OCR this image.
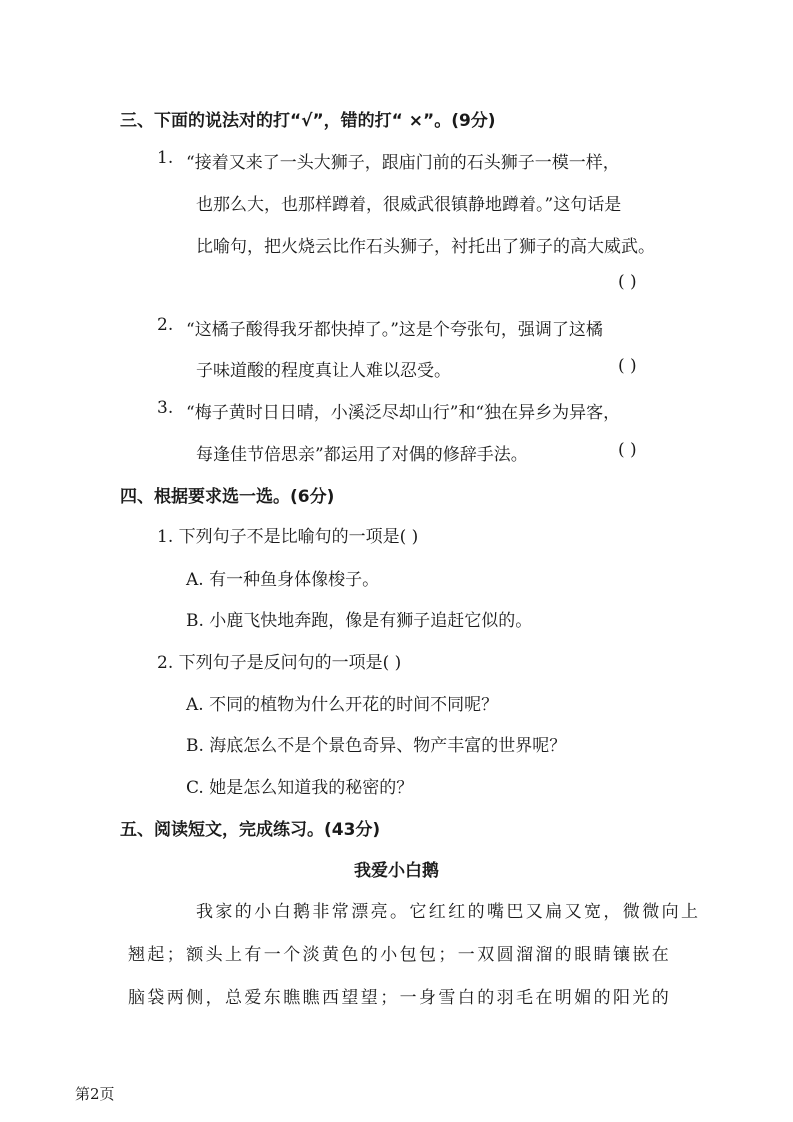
三、下面的说法对的打“√”，错的打“ ×”。(9分)
1. “接着又来了一头大狮子，跟庙门前的石头狮子一模一样，
也那么大，也那样蹲着，很威武很镇静地蹲着。”这句话是
比喻句，把火烧云比作石头狮子，衬托出了狮子的高大威武。
( )
2. “这橘子酸得我牙都快掉了。”这是个夸张句，强调了这橘
子味道酸的程度真让人难以忍受。	( )
3. “梅子黄时日日晴，小溪泛尽却山行”和“独在异乡为异客，
每逢佳节倍思亲”都运用了对偶的修辞手法。	( )
四、根据要求选一选。(6分)
1. 下列句子不是比喻句的一项是( )
A. 有一种鱼身体像梭子。
B. 小鹿飞快地奔跑，像是有狮子追赶它似的。
2. 下列句子是反问句的一项是( )
A. 不同的植物为什么开花的时间不同呢？
B. 海底怎么不是个景色奇异、物产丰富的世界呢？
C. 她是怎么知道我的秘密的？
五、阅读短文，完成练习。(43分)
我爱小白鹅
我家的小白鹅非常漂亮。它红红的嘴巴又扁又宽，微微向上
翘起；额头上有一个淡黄色的小包包；一双圆溜溜的眼睛镶嵌在
脑袋两侧，总爱东瞧瞧西望望；一身雪白的羽毛在明媚的阳光的
第2页
